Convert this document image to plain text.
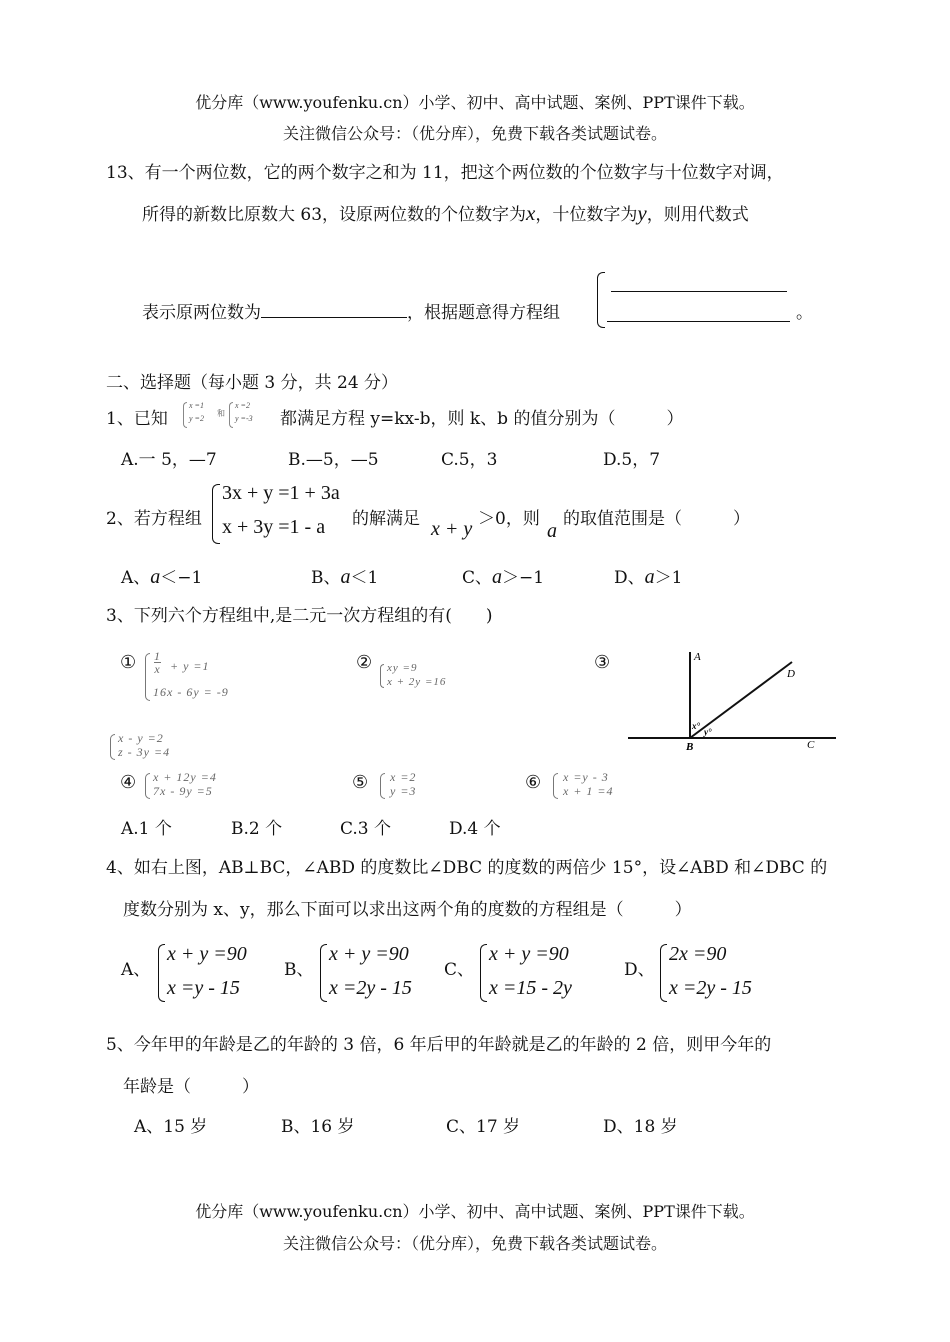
优分库（www.youfenku.cn）小学、初中、高中试题、案例、PPT课件下载。
关注微信公众号：（优分库），免费下载各类试题试卷。
13、有一个两位数，它的两个数字之和为 11，把这个两位数的个位数字与十位数字对调，
所得的新数比原数大 63，设原两位数的个位数字为x，十位数字为y，则用代数式
表示原两位数为	，根据题意得方程组	。
二、选择题（每小题 3 分，共 24 分）
1、已知
x =1
y =2
和
x =2
y =-3 都满足方程 y=kx-b，则 k、b 的值分别为（　　　）
A.一 5，—7	B.—5，—5	C.5，3	D.5，7
2、若方程组
3x + y =1 + 3a
x + 3y =1 - a 的解满足 x + y ＞0，则
a
的取值范围是（　　　）
A、a＜−1	B、a＜1	C、a＞−1	D、a＞1
3、下列六个方程组中,是二元一次方程组的有(　　)
① 1
x + y =1
16x - 6y = -9
② xy =9
x + 2y =16
③
x - y =2
z - 3y =4
④ x + 12y =4
7x - 9y =5	⑤ x =2
y =3	⑥ x =y - 3
x + 1 =4
A.1 个	B.2 个	C.3 个	D.4 个
A
D
B	C
x°
y°
4、如右上图，AB⊥BC，∠ABD 的度数比∠DBC 的度数的两倍少 15°，设∠ABD 和∠DBC 的
度数分别为 x、y，那么下面可以求出这两个角的度数的方程组是（　　　）
A、
x + y =90
x =y - 15
B、
x + y =90
x =2y - 15
C、
x + y =90
x =15 - 2y
D、
2x =90
x =2y - 15
5、今年甲的年龄是乙的年龄的 3 倍，6 年后甲的年龄就是乙的年龄的 2 倍，则甲今年的
年龄是（　　　）
A、15 岁	B、16 岁	C、17 岁	D、18 岁
优分库（www.youfenku.cn）小学、初中、高中试题、案例、PPT课件下载。
关注微信公众号：（优分库），免费下载各类试题试卷。
